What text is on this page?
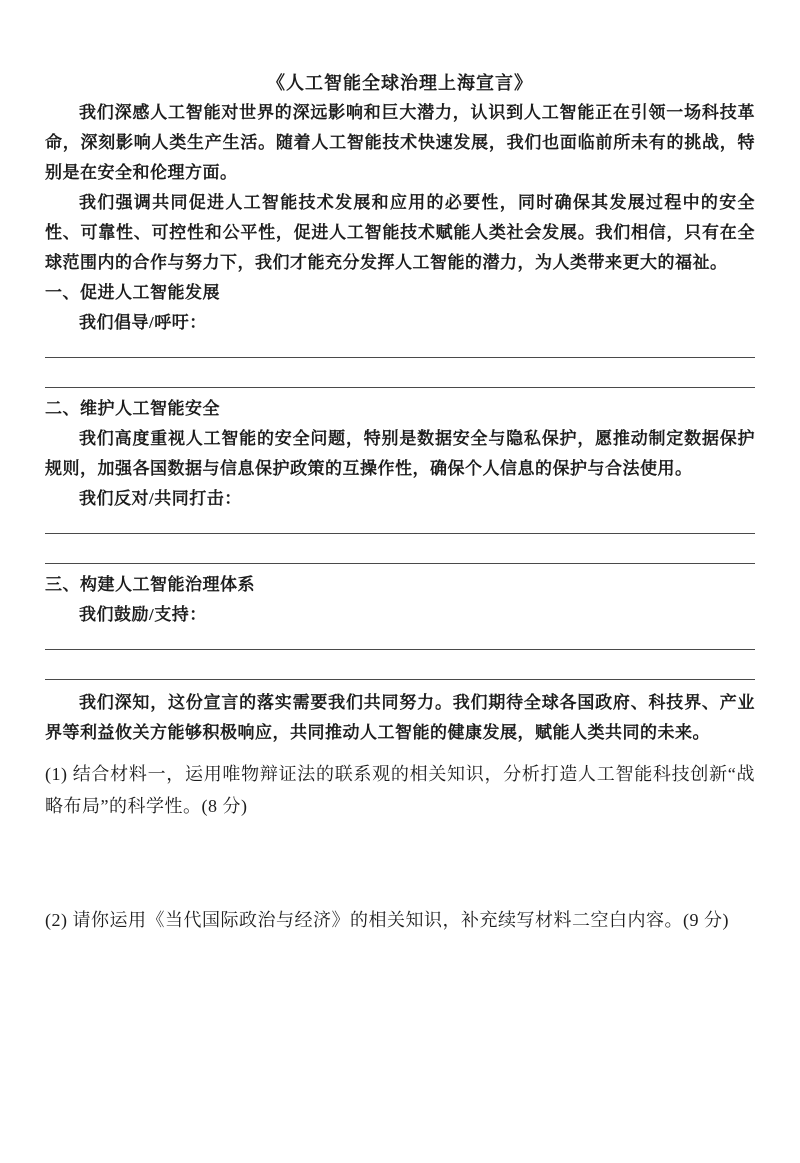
《人工智能全球治理上海宣言》

我们深感人工智能对世界的深远影响和巨大潜力，认识到人工智能正在引领一场科技革命，深刻影响人类生产生活。随着人工智能技术快速发展，我们也面临前所未有的挑战，特别是在安全和伦理方面。

我们强调共同促进人工智能技术发展和应用的必要性，同时确保其发展过程中的安全性、可靠性、可控性和公平性，促进人工智能技术赋能人类社会发展。我们相信，只有在全球范围内的合作与努力下，我们才能充分发挥人工智能的潜力，为人类带来更大的福祉。

一、促进人工智能发展
我们倡导/呼吁：
二、维护人工智能安全

我们高度重视人工智能的安全问题，特别是数据安全与隐私保护，愿推动制定数据保护规则，加强各国数据与信息保护政策的互操作性，确保个人信息的保护与合法使用。

我们反对/共同打击：
三、构建人工智能治理体系
我们鼓励/支持：

我们深知，这份宣言的落实需要我们共同努力。我们期待全球各国政府、科技界、产业界等利益攸关方能够积极响应，共同推动人工智能的健康发展，赋能人类共同的未来。

(1) 结合材料一，运用唯物辩证法的联系观的相关知识，分析打造人工智能科技创新“战略布局”的科学性。(8 分)

(2) 请你运用《当代国际政治与经济》的相关知识，补充续写材料二空白内容。(9 分)
